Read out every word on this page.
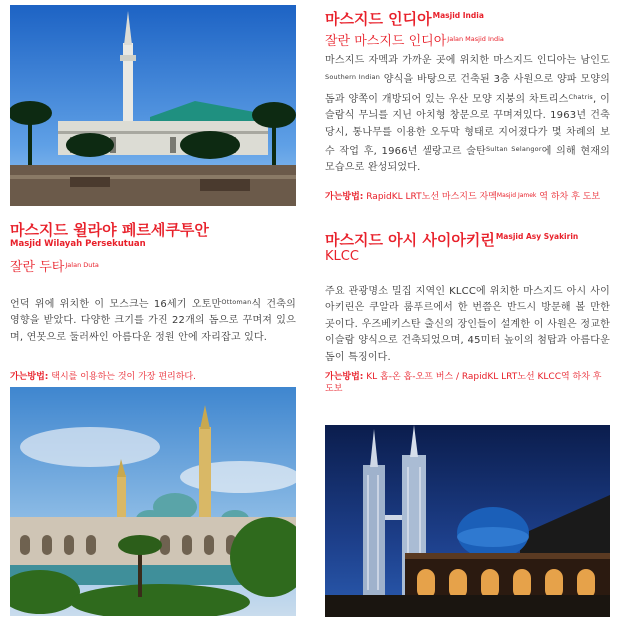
마스지드 인디아$^{Masjid India}$
잘란 마스지드 인디아$^{Jalan Masjid India}$
마스지드 자멕과 가까운 곳에 위치한 마스지드 인디아는 남인도$^{Southern Indian}$ 양식을 바탕으로 건축된 3층 사원으로 양파 모양의 돔과 양쪽이 개방되어 있는 우산 모양 지붕의 차트리스$^{Chatris}$, 이슬람식 무늬를 지닌 아치형 창문으로 꾸며져있다. 1963년 건축 당시, 통나무를 이용한 오두막 형태로 지어졌다가 몇 차례의 보수 작업 후, 1966년 셀랑고르 술탄$^{Sultan Selangor}$에 의해 현재의 모습으로 완성되었다.
가는방법: RapidKL LRT노선 마스지드 자멕$^{Masjid Jamek}$ 역 하차 후 도보
마스지드 윌라야 페르세쿠투안
Masjid Wilayah Persekutuan
잘란 두타$^{Jalan Duta}$
언덕 위에 위치한 이 모스크는 16세기 오토만$^{Ottoman}$식 건축의 영향을 받았다. 다양한 크기를 가진 22개의 돔으로 꾸며져 있으며, 연못으로 둘러싸인 아름다운 정원 안에 자리잡고 있다.
가는방법: 택시를 이용하는 것이 가장 편리하다.
마스지드 아시 사이아키린$^{Masjid Asy Syakirin}$
KLCC
주요 관광명소 밀집 지역인 KLCC에 위치한 마스지드 아시 사이아키린은 쿠알라 룸푸르에서 한 번쯤은 반드시 방문해 볼 만한 곳이다. 우즈베키스탄 출신의 장인들이 설계한 이 사원은 정교한 이슬람 양식으로 건축되었으며, 45미터 높이의 첨탑과 아름다운 돔이 특징이다.
가는방법: KL 홉-온 홉-오프 버스 / RapidKL LRT노선 KLCC역 하차 후 도보
